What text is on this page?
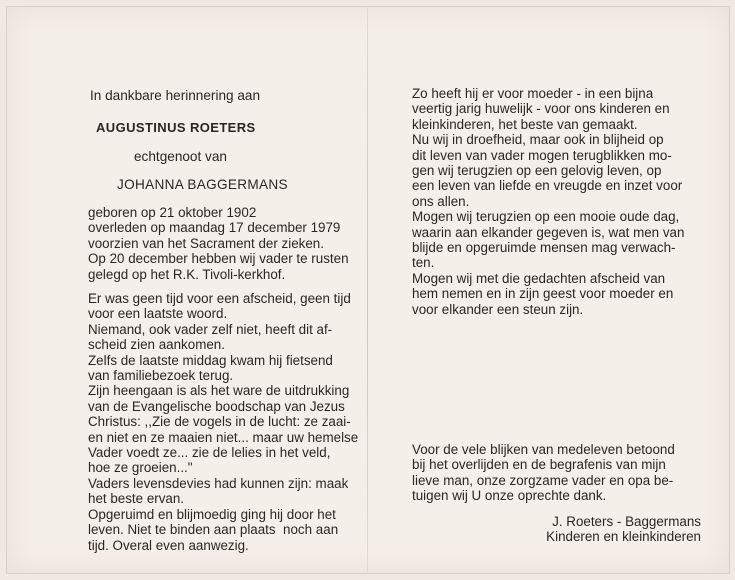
In dankbare herinnering aan
AUGUSTINUS ROETERS
echtgenoot van
JOHANNA BAGGERMANS
geboren op 21 oktober 1902
overleden op maandag 17 december 1979
voorzien van het Sacrament der zieken.
Op 20 december hebben wij vader te rusten
gelegd op het R.K. Tivoli-kerkhof.
Er was geen tijd voor een afscheid, geen tijd
voor een laatste woord.
Niemand, ook vader zelf niet, heeft dit af-
scheid zien aankomen.
Zelfs de laatste middag kwam hij fietsend
van familiebezoek terug.
Zijn heengaan is als het ware de uitdrukking
van de Evangelische boodschap van Jezus
Christus: ,,Zie de vogels in de lucht: ze zaai-
en niet en ze maaien niet... maar uw hemelse
Vader voedt ze... zie de lelies in het veld,
hoe ze groeien..."
Vaders levensdevies had kunnen zijn: maak
het beste ervan.
Opgeruimd en blijmoedig ging hij door het
leven. Niet te binden aan plaats  noch aan
tijd. Overal even aanwezig.
Zo heeft hij er voor moeder - in een bijna
veertig jarig huwelijk - voor ons kinderen en
kleinkinderen, het beste van gemaakt.
Nu wij in droefheid, maar ook in blijheid op
dit leven van vader mogen terugblikken mo-
gen wij terugzien op een gelovig leven, op
een leven van liefde en vreugde en inzet voor
ons allen.
Mogen wij terugzien op een mooie oude dag,
waarin aan elkander gegeven is, wat men van
blijde en opgeruimde mensen mag verwach-
ten.
Mogen wij met die gedachten afscheid van
hem nemen en in zijn geest voor moeder en
voor elkander een steun zijn.
Voor de vele blijken van medeleven betoond
bij het overlijden en de begrafenis van mijn
lieve man, onze zorgzame vader en opa be-
tuigen wij U onze oprechte dank.
J. Roeters - Baggermans
Kinderen en kleinkinderen
